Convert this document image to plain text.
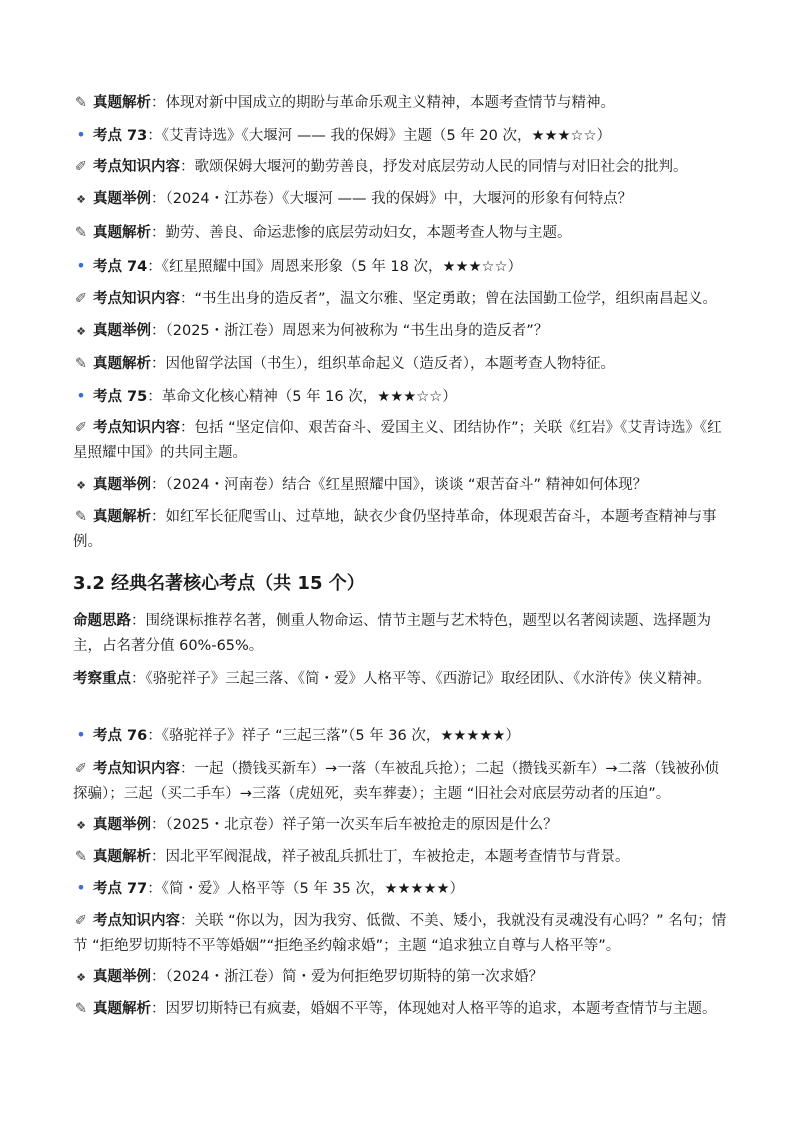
✎ 真题解析：体现对新中国成立的期盼与革命乐观主义精神，本题考查情节与精神。
• 考点 73：《艾青诗选》《大堰河 —— 我的保姆》主题（5 年 20 次，★★★☆☆）
✐ 考点知识内容：歌颂保姆大堰河的勤劳善良，抒发对底层劳动人民的同情与对旧社会的批判。
❖ 真题举例：（2024・江苏卷）《大堰河 —— 我的保姆》中，大堰河的形象有何特点？
✎ 真题解析：勤劳、善良、命运悲惨的底层劳动妇女，本题考查人物与主题。
• 考点 74：《红星照耀中国》周恩来形象（5 年 18 次，★★★☆☆）
✐ 考点知识内容：“书生出身的造反者”，温文尔雅、坚定勇敢；曾在法国勤工俭学，组织南昌起义。
❖ 真题举例：（2025・浙江卷）周恩来为何被称为 “书生出身的造反者”？
✎ 真题解析：因他留学法国（书生），组织革命起义（造反者），本题考查人物特征。
• 考点 75：革命文化核心精神（5 年 16 次，★★★☆☆）
✐ 考点知识内容：包括 “坚定信仰、艰苦奋斗、爱国主义、团结协作”；关联《红岩》《艾青诗选》《红星照耀中国》的共同主题。
❖ 真题举例：（2024・河南卷）结合《红星照耀中国》，谈谈 “艰苦奋斗” 精神如何体现？
✎ 真题解析：如红军长征爬雪山、过草地，缺衣少食仍坚持革命，体现艰苦奋斗，本题考查精神与事例。
3.2 经典名著核心考点（共 15 个）
命题思路：围绕课标推荐名著，侧重人物命运、情节主题与艺术特色，题型以名著阅读题、选择题为主，占名著分值 60%-65%。
考察重点：《骆驼祥子》三起三落、《简・爱》人格平等、《西游记》取经团队、《水浒传》侠义精神。
• 考点 76：《骆驼祥子》祥子 “三起三落”（5 年 36 次，★★★★★）
✐ 考点知识内容：一起（攒钱买新车）→一落（车被乱兵抢）；二起（攒钱买新车）→二落（钱被孙侦探骗）；三起（买二手车）→三落（虎妞死，卖车葬妻）；主题 “旧社会对底层劳动者的压迫”。
❖ 真题举例：（2025・北京卷）祥子第一次买车后车被抢走的原因是什么？
✎ 真题解析：因北平军阀混战，祥子被乱兵抓壮丁，车被抢走，本题考查情节与背景。
• 考点 77：《简・爱》人格平等（5 年 35 次，★★★★★）
✐ 考点知识内容：关联 “你以为，因为我穷、低微、不美、矮小，我就没有灵魂没有心吗？” 名句；情节 “拒绝罗切斯特不平等婚姻”“拒绝圣约翰求婚”；主题 “追求独立自尊与人格平等”。
❖ 真题举例：（2024・浙江卷）简・爱为何拒绝罗切斯特的第一次求婚？
✎ 真题解析：因罗切斯特已有疯妻，婚姻不平等，体现她对人格平等的追求，本题考查情节与主题。
